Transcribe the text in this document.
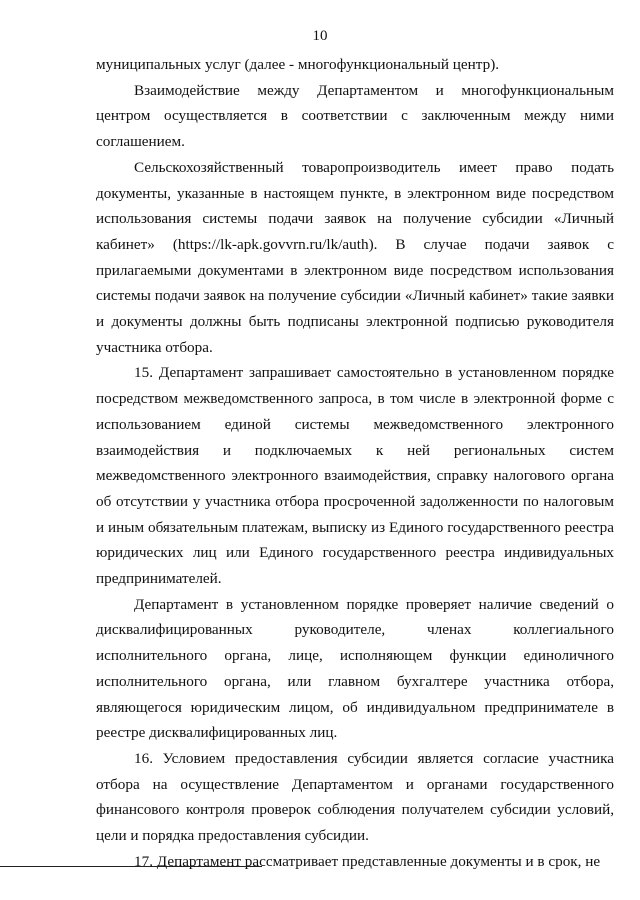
10

муниципальных услуг (далее - многофункциональный центр).

Взаимодействие между Департаментом и многофункциональным центром осуществляется в соответствии с заключенным между ними соглашением.

Сельскохозяйственный товаропроизводитель имеет право подать документы, указанные в настоящем пункте, в электронном виде посредством использования системы подачи заявок на получение субсидии «Личный кабинет» (https://lk-apk.govvrn.ru/lk/auth). В случае подачи заявок с прилагаемыми документами в электронном виде посредством использования системы подачи заявок на получение субсидии «Личный кабинет» такие заявки и документы должны быть подписаны электронной подписью руководителя участника отбора.

15. Департамент запрашивает самостоятельно в установленном порядке посредством межведомственного запроса, в том числе в электронной форме с использованием единой системы межведомственного электронного взаимодействия и подключаемых к ней региональных систем межведомственного электронного взаимодействия, справку налогового органа об отсутствии у участника отбора просроченной задолженности по налоговым и иным обязательным платежам, выписку из Единого государственного реестра юридических лиц или Единого государственного реестра индивидуальных предпринимателей.

Департамент в установленном порядке проверяет наличие сведений о дисквалифицированных руководителе, членах коллегиального исполнительного органа, лице, исполняющем функции единоличного исполнительного органа, или главном бухгалтере участника отбора, являющегося юридическим лицом, об индивидуальном предпринимателе в реестре дисквалифицированных лиц.

16. Условием предоставления субсидии является согласие участника отбора на осуществление Департаментом и органами государственного финансового контроля проверок соблюдения получателем субсидии условий, цели и порядка предоставления субсидии.

17. Департамент рассматривает представленные документы и в срок, не
